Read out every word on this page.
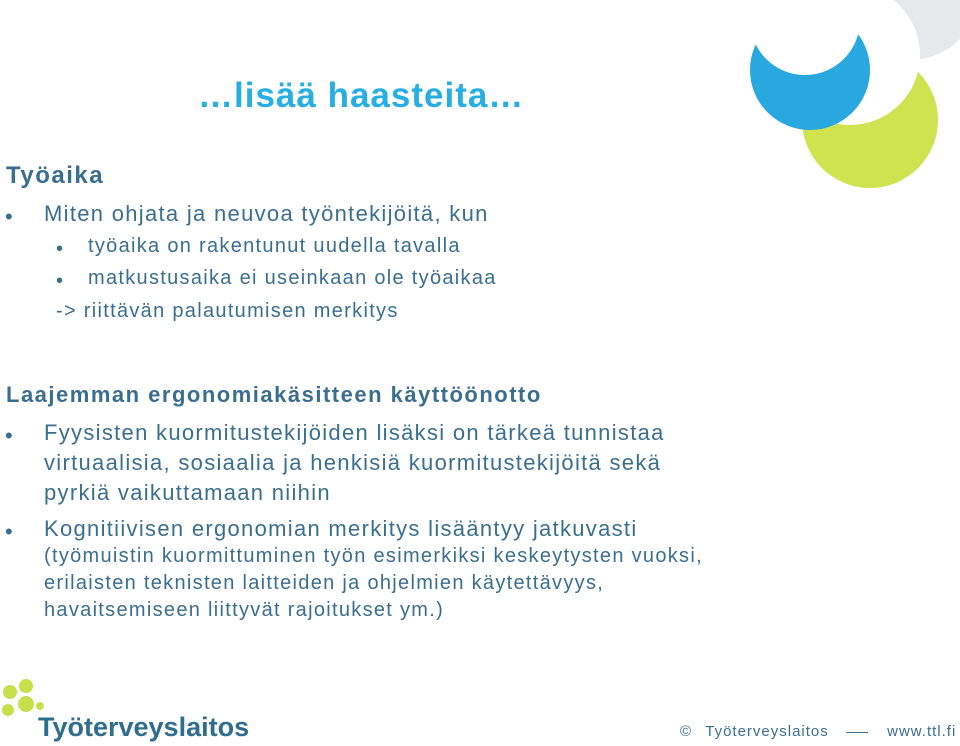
…lisää haasteita…
Työaika
• Miten ohjata ja neuvoa työntekijöitä, kun
• työaika on rakentunut uudella tavalla
• matkustusaika ei useinkaan ole työaikaa
-> riittävän palautumisen merkitys
Laajemman ergonomiakäsitteen käyttöönotto
• Fyysisten kuormitustekijöiden lisäksi on tärkeä tunnistaa
virtuaalisia, sosiaalia ja henkisiä kuormitustekijöitä sekä
pyrkiä vaikuttamaan niihin
• Kognitiivisen ergonomian merkitys lisääntyy jatkuvasti
(työmuistin kuormittuminen työn esimerkiksi keskeytysten vuoksi,
erilaisten teknisten laitteiden ja ohjelmien käytettävyys,
havaitsemiseen liittyvät rajoitukset ym.)
Työterveyslaitos	© Työterveyslaitos	www.ttl.fi
